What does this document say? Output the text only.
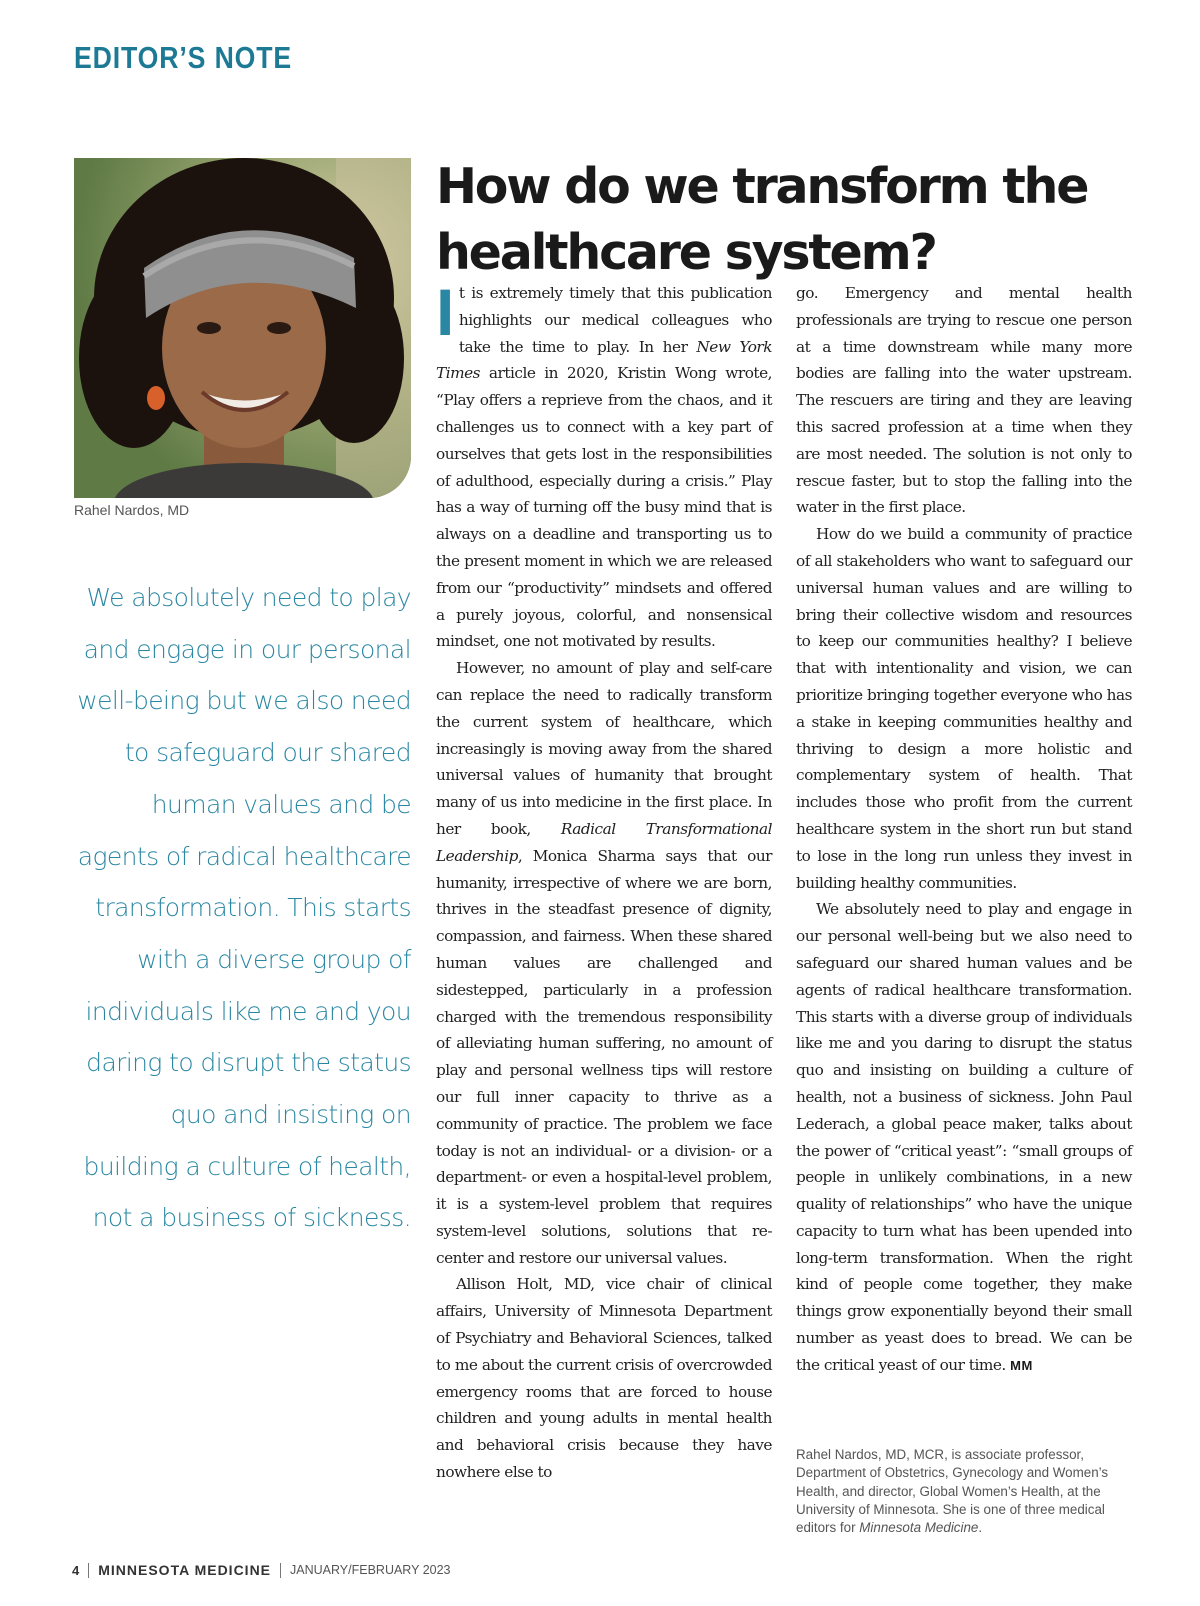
EDITOR’S NOTE
Rahel Nardos, MD
We absolutely need to play and engage in our personal well-being but we also need to safeguard our shared human values and be agents of radical healthcare transformation. This starts with a diverse group of individuals like me and you daring to disrupt the status quo and insisting on building a culture of health, not a business of sickness.
How do we transform the healthcare system?

It is extremely timely that this publication highlights our medical colleagues who take the time to play. In her New York Times article in 2020, Kristin Wong wrote, “Play offers a reprieve from the chaos, and it challenges us to connect with a key part of ourselves that gets lost in the responsibilities of adulthood, especially during a crisis.” Play has a way of turning off the busy mind that is always on a deadline and transporting us to the present moment in which we are released from our “productivity” mindsets and offered a purely joyous, colorful, and nonsensical mindset, one not motivated by results.

However, no amount of play and self-care can replace the need to radically transform the current system of healthcare, which increasingly is moving away from the shared universal values of humanity that brought many of us into medicine in the first place. In her book, Radical Transformational Leadership, Monica Sharma says that our humanity, irrespective of where we are born, thrives in the steadfast presence of dignity, compassion, and fairness. When these shared human values are challenged and sidestepped, particularly in a profession charged with the tremendous responsibility of alleviating human suffering, no amount of play and personal wellness tips will restore our full inner capacity to thrive as a community of practice. The problem we face today is not an individual- or a division- or a department- or even a hospital-level problem, it is a system-level problem that requires system-level solutions, solutions that re-center and restore our universal values.

Allison Holt, MD, vice chair of clinical affairs, University of Minnesota Department of Psychiatry and Behavioral Sciences, talked to me about the current crisis of overcrowded emergency rooms that are forced to house children and young adults in mental health and behavioral crisis because they have nowhere else to

go. Emergency and mental health professionals are trying to rescue one person at a time downstream while many more bodies are falling into the water upstream. The rescuers are tiring and they are leaving this sacred profession at a time when they are most needed. The solution is not only to rescue faster, but to stop the falling into the water in the first place.

How do we build a community of practice of all stakeholders who want to safeguard our universal human values and are willing to bring their collective wisdom and resources to keep our communities healthy? I believe that with intentionality and vision, we can prioritize bringing together everyone who has a stake in keeping communities healthy and thriving to design a more holistic and complementary system of health. That includes those who profit from the current healthcare system in the short run but stand to lose in the long run unless they invest in building healthy communities.

We absolutely need to play and engage in our personal well-being but we also need to safeguard our shared human values and be agents of radical healthcare transformation. This starts with a diverse group of individuals like me and you daring to disrupt the status quo and insisting on building a culture of health, not a business of sickness. John Paul Lederach, a global peace maker, talks about the power of “critical yeast”: “small groups of people in unlikely combinations, in a new quality of relationships” who have the unique capacity to turn what has been upended into long-term transformation. When the right kind of people come together, they make things grow exponentially beyond their small number as yeast does to bread. We can be the critical yeast of our time. MM

Rahel Nardos, MD, MCR, is associate professor, Department of Obstetrics, Gynecology and Women’s Health, and director, Global Women’s Health, at the University of Minnesota. She is one of three medical editors for Minnesota Medicine.
4 MINNESOTA MEDICINE JANUARY/FEBRUARY 2023
